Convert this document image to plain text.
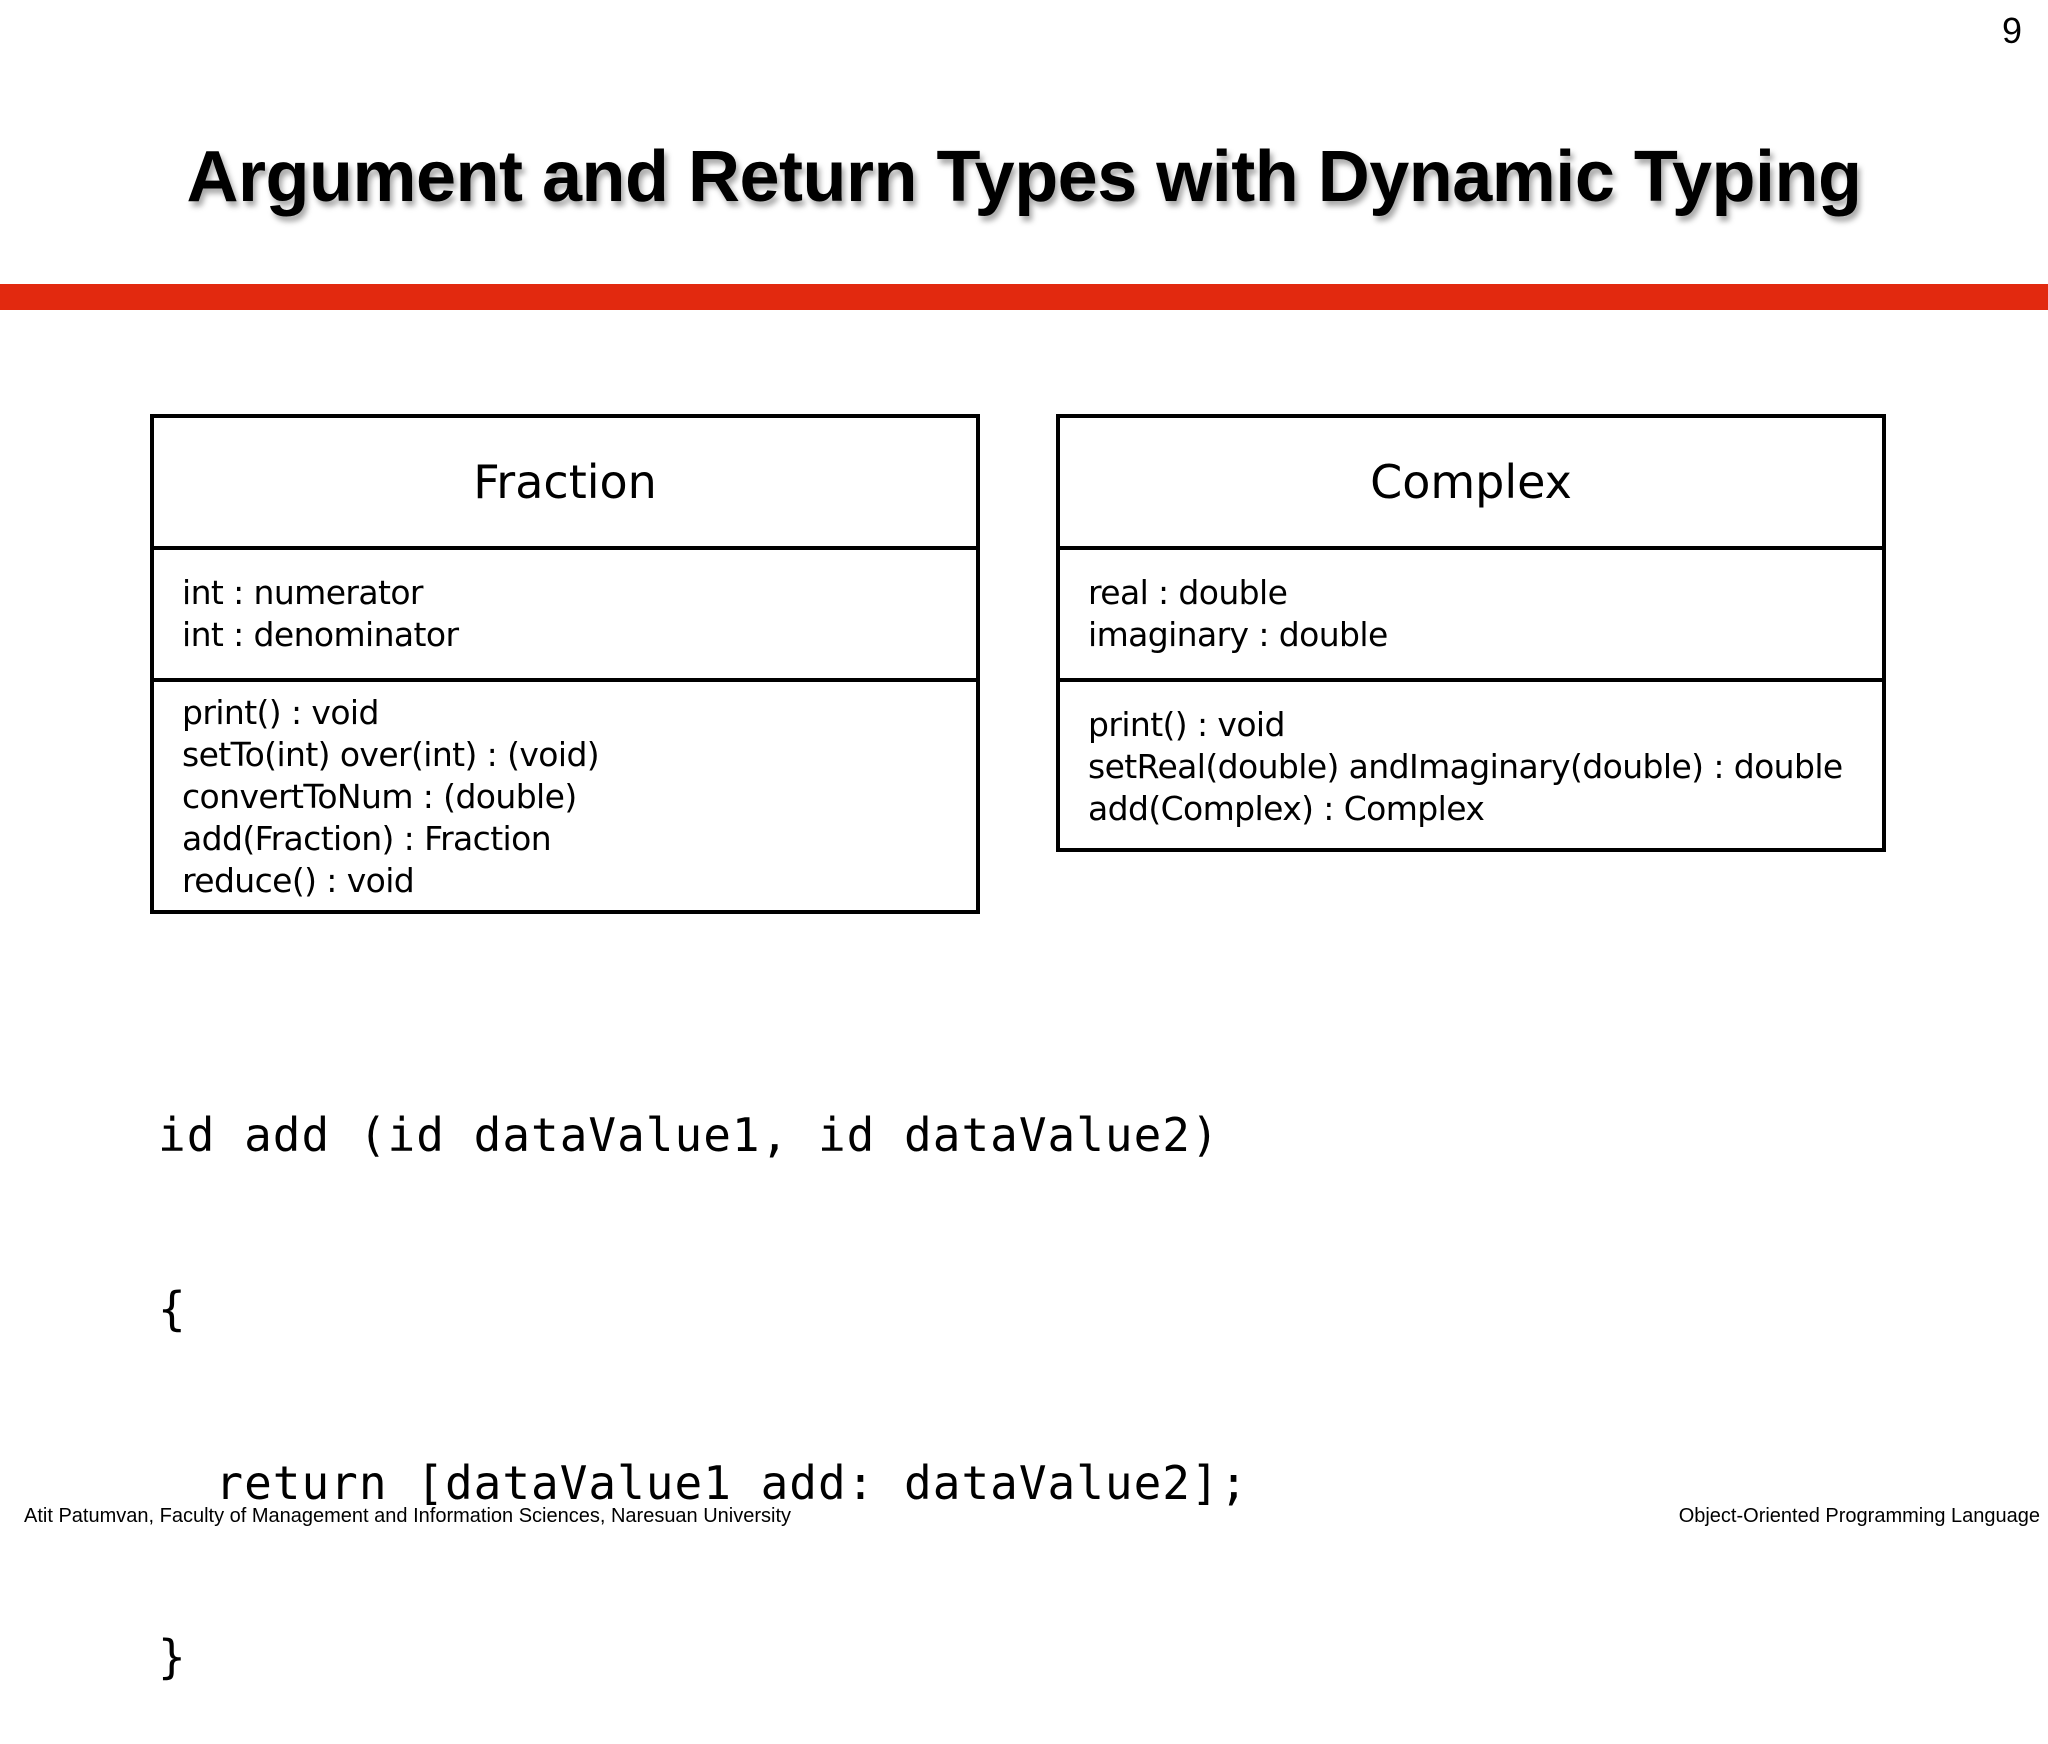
9
Argument and Return Types with Dynamic Typing
Fraction
int : numerator
int : denominator
print() : void
setTo(int) over(int) : (void)
convertToNum : (double)
add(Fraction) : Fraction
reduce() : void
Complex
real : double
imaginary : double
print() : void
setReal(double) andImaginary(double) : double
add(Complex) : Complex

id add (id dataValue1, id dataValue2)

{

return [dataValue1 add: dataValue2];

}

Atit Patumvan, Faculty of Management and Information Sciences, Naresuan University	Object-Oriented Programming Language
